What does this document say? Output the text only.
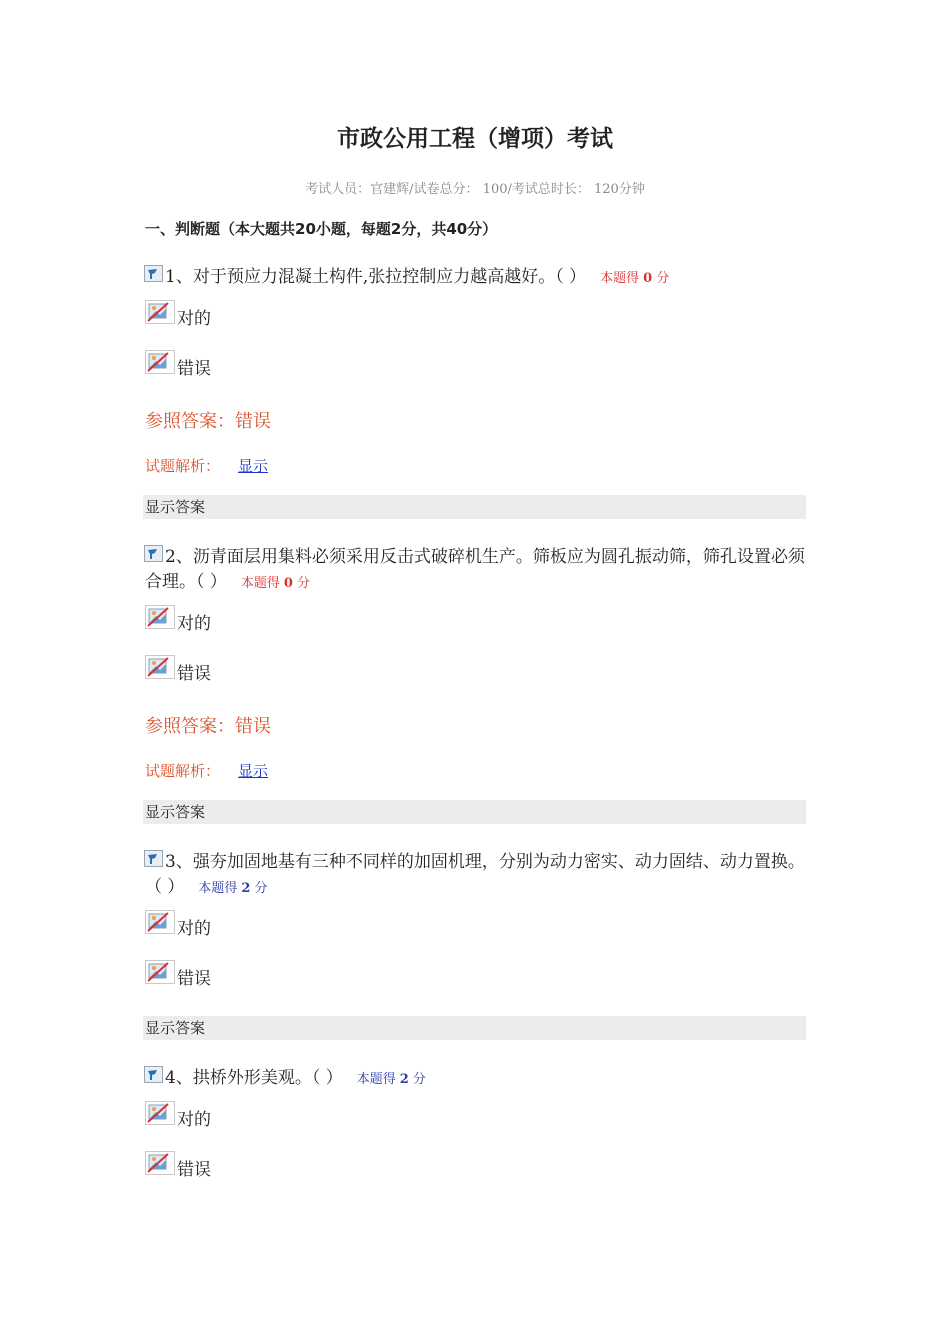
市政公用工程（增项）考试
考试人员：官建辉/试卷总分： 100/考试总时长： 120分钟
一、判断题（本大题共20小题，每题2分，共40分）
1、对于预应力混凝土构件,张拉控制应力越高越好。（ ） 本题得 0 分
对的
错误
参照答案：错误
试题解析： 显示
显示答案
2、沥青面层用集料必须采用反击式破碎机生产。筛板应为圆孔振动筛，筛孔设置必须合理。（ ） 本题得 0 分
对的
错误
参照答案：错误
试题解析： 显示
显示答案
3、强夯加固地基有三种不同样的加固机理，分别为动力密实、动力固结、动力置换。（ ） 本题得 2 分
对的
错误
显示答案
4、拱桥外形美观。（ ） 本题得 2 分
对的
错误
